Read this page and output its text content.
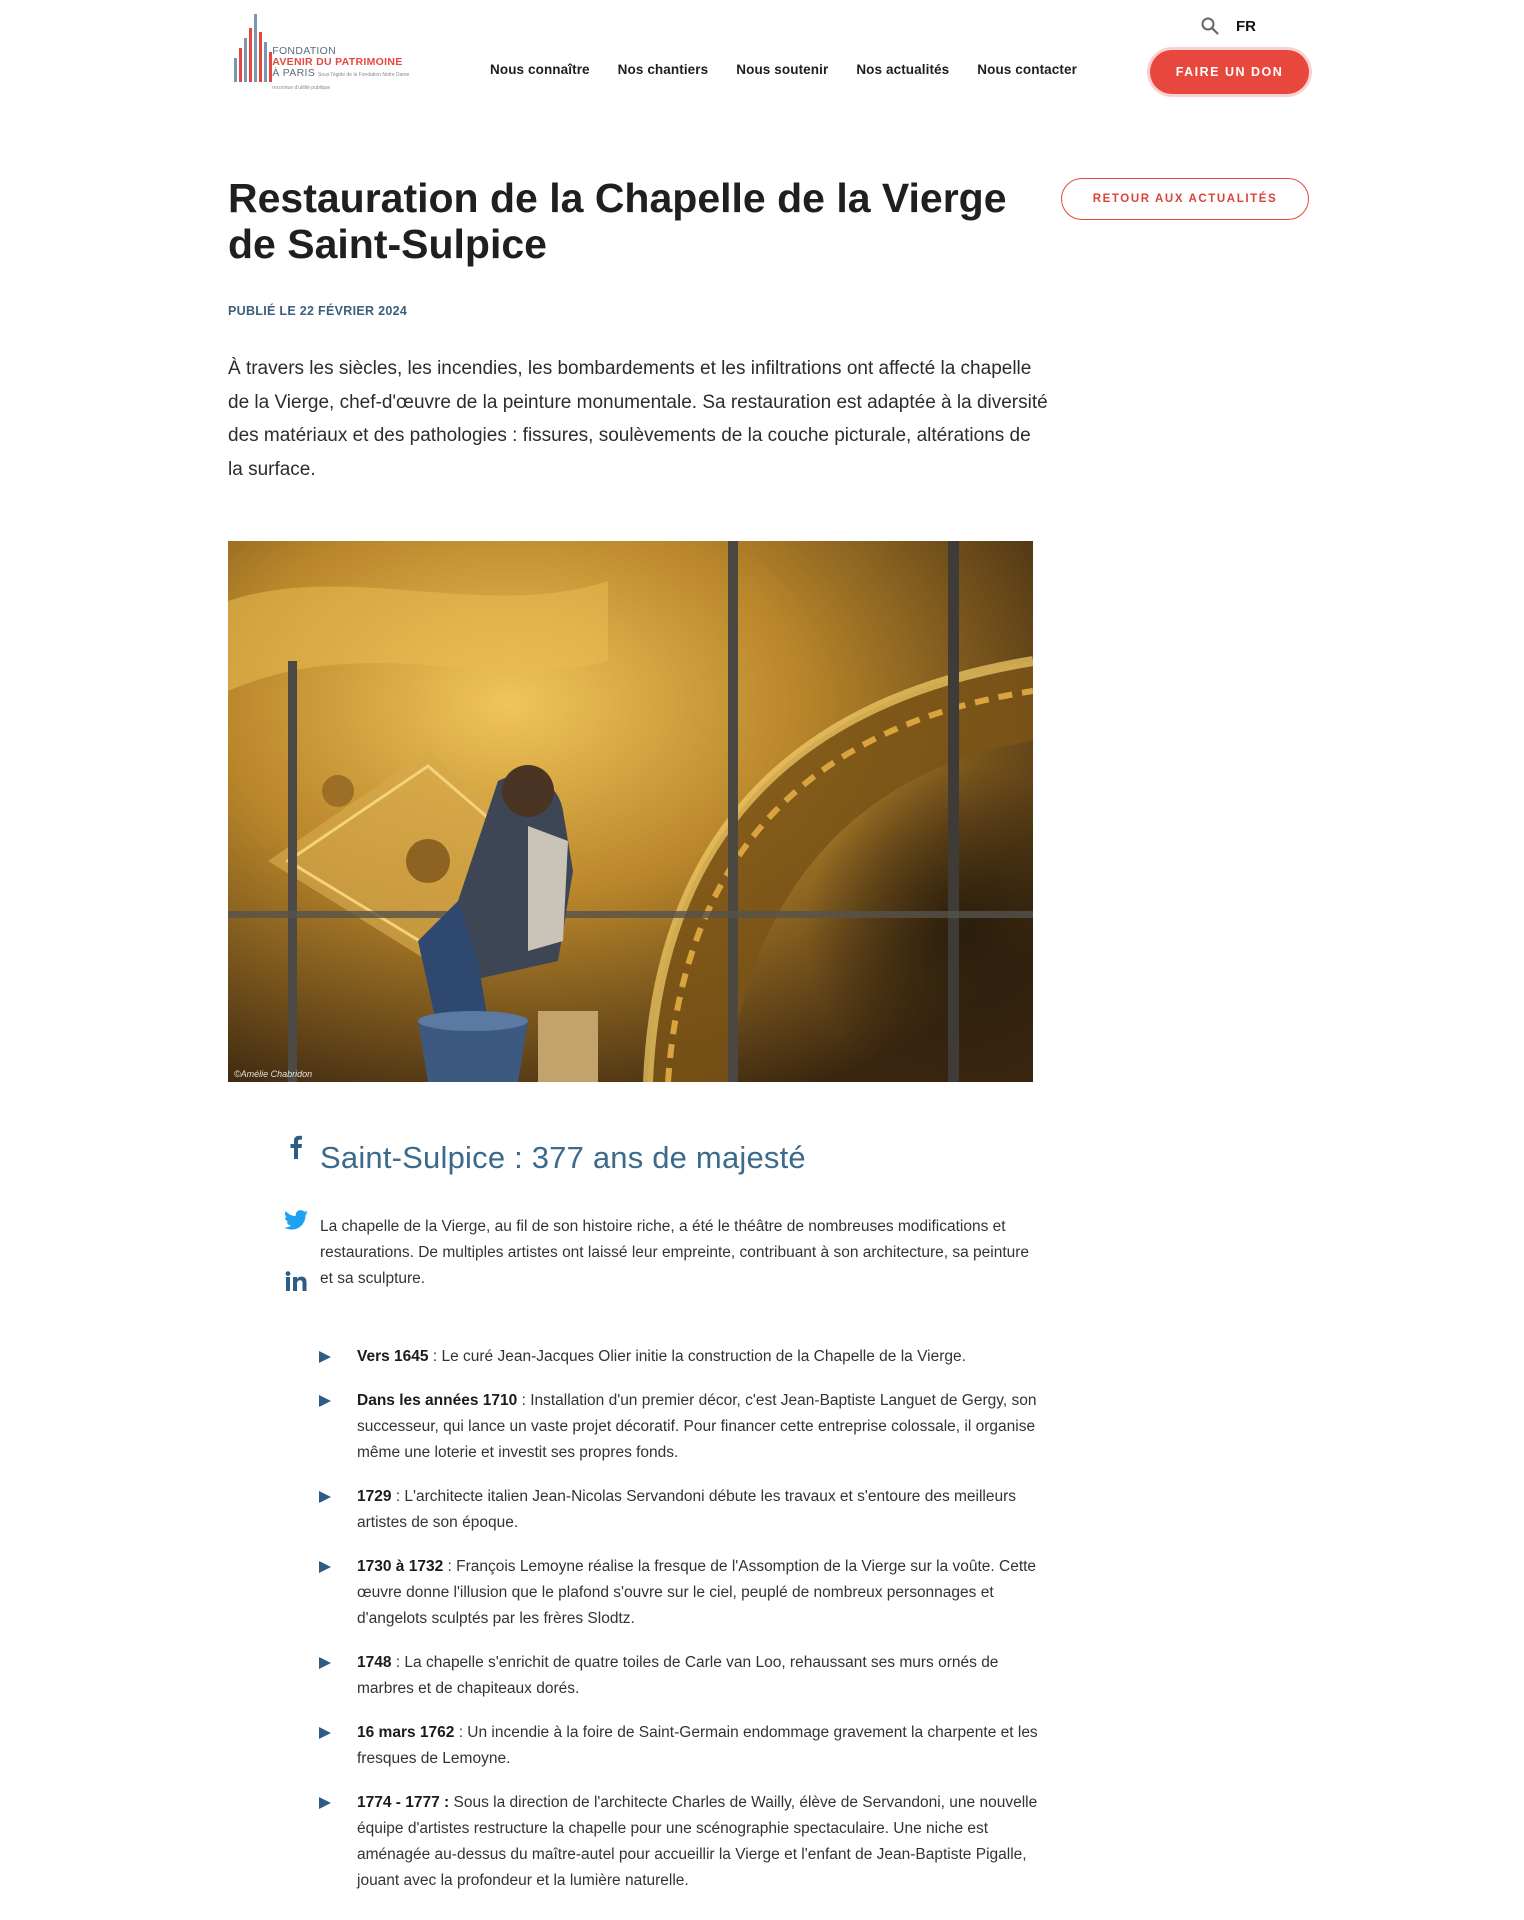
FONDATION
AVENIR DU PATRIMOINE
À PARIS Sous l'égide de la Fondation Notre Dame reconnue d'utilité publique
FR
Nous connaître Nos chantiers Nous soutenir Nos actualités Nous contacter	FAIRE UN DON
Restauration de la Chapelle de la Vierge de Saint-Sulpice
RETOUR AUX ACTUALITÉS
PUBLIÉ LE 22 FÉVRIER 2024

À travers les siècles, les incendies, les bombardements et les infiltrations ont affecté la chapelle de la Vierge, chef-d'œuvre de la peinture monumentale. Sa restauration est adaptée à la diversité des matériaux et des pathologies : fissures, soulèvements de la couche picturale, altérations de la surface.

©Amélie Chabridon
Saint-Sulpice : 377 ans de majesté

La chapelle de la Vierge, au fil de son histoire riche, a été le théâtre de nombreuses modifications et restaurations. De multiples artistes ont laissé leur empreinte, contribuant à son architecture, sa peinture et sa sculpture.

Vers 1645 : Le curé Jean-Jacques Olier initie la construction de la Chapelle de la Vierge.
Dans les années 1710 : Installation d'un premier décor, c'est Jean-Baptiste Languet de Gergy, son successeur, qui lance un vaste projet décoratif. Pour financer cette entreprise colossale, il organise même une loterie et investit ses propres fonds.
1729 : L'architecte italien Jean-Nicolas Servandoni débute les travaux et s'entoure des meilleurs artistes de son époque.
1730 à 1732 : François Lemoyne réalise la fresque de l'Assomption de la Vierge sur la voûte. Cette œuvre donne l'illusion que le plafond s'ouvre sur le ciel, peuplé de nombreux personnages et d'angelots sculptés par les frères Slodtz.
1748 : La chapelle s'enrichit de quatre toiles de Carle van Loo, rehaussant ses murs ornés de marbres et de chapiteaux dorés.
16 mars 1762 : Un incendie à la foire de Saint-Germain endommage gravement la charpente et les fresques de Lemoyne.
1774 - 1777 : Sous la direction de l'architecte Charles de Wailly, élève de Servandoni, une nouvelle équipe d'artistes restructure la chapelle pour une scénographie spectaculaire. Une niche est aménagée au-dessus du maître-autel pour accueillir la Vierge et l'enfant de Jean-Baptiste Pigalle, jouant avec la profondeur et la lumière naturelle.
